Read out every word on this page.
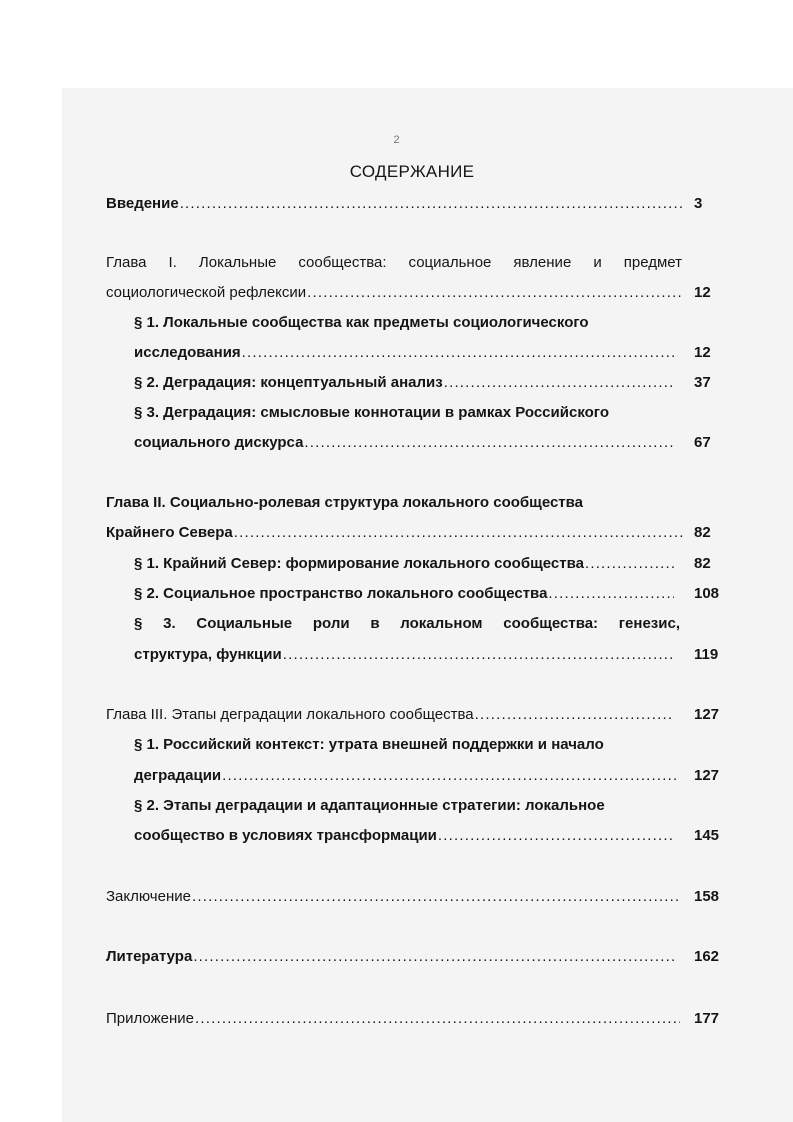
2
СОДЕРЖАНИЕ
Введение .....	3
Глава I. Локальные сообщества: социальное явление и предмет
социологической рефлексии .....	12
§ 1. Локальные сообщества как предметы социологического
исследования .....	12
§ 2. Деградация: концептуальный анализ .....	37
§ 3. Деградация: смысловые коннотации в рамках Российского
социального дискурса .....	67
Глава II. Социально-ролевая структура локального сообщества
Крайнего Севера .....	82
§ 1. Крайний Север: формирование локального сообщества .....	82
§ 2. Социальное пространство локального сообщества .....	108
§ 3. Социальные роли в локальном сообщества: генезис,
структура, функции .....	119
Глава III. Этапы деградации локального сообщества .....	127
§ 1. Российский контекст: утрата внешней поддержки и начало
деградации .....	127
§ 2. Этапы деградации и адаптационные стратегии: локальное
сообщество в условиях трансформации .....	145
Заключение .....	158
Литература .....	162
Приложение .....	177
